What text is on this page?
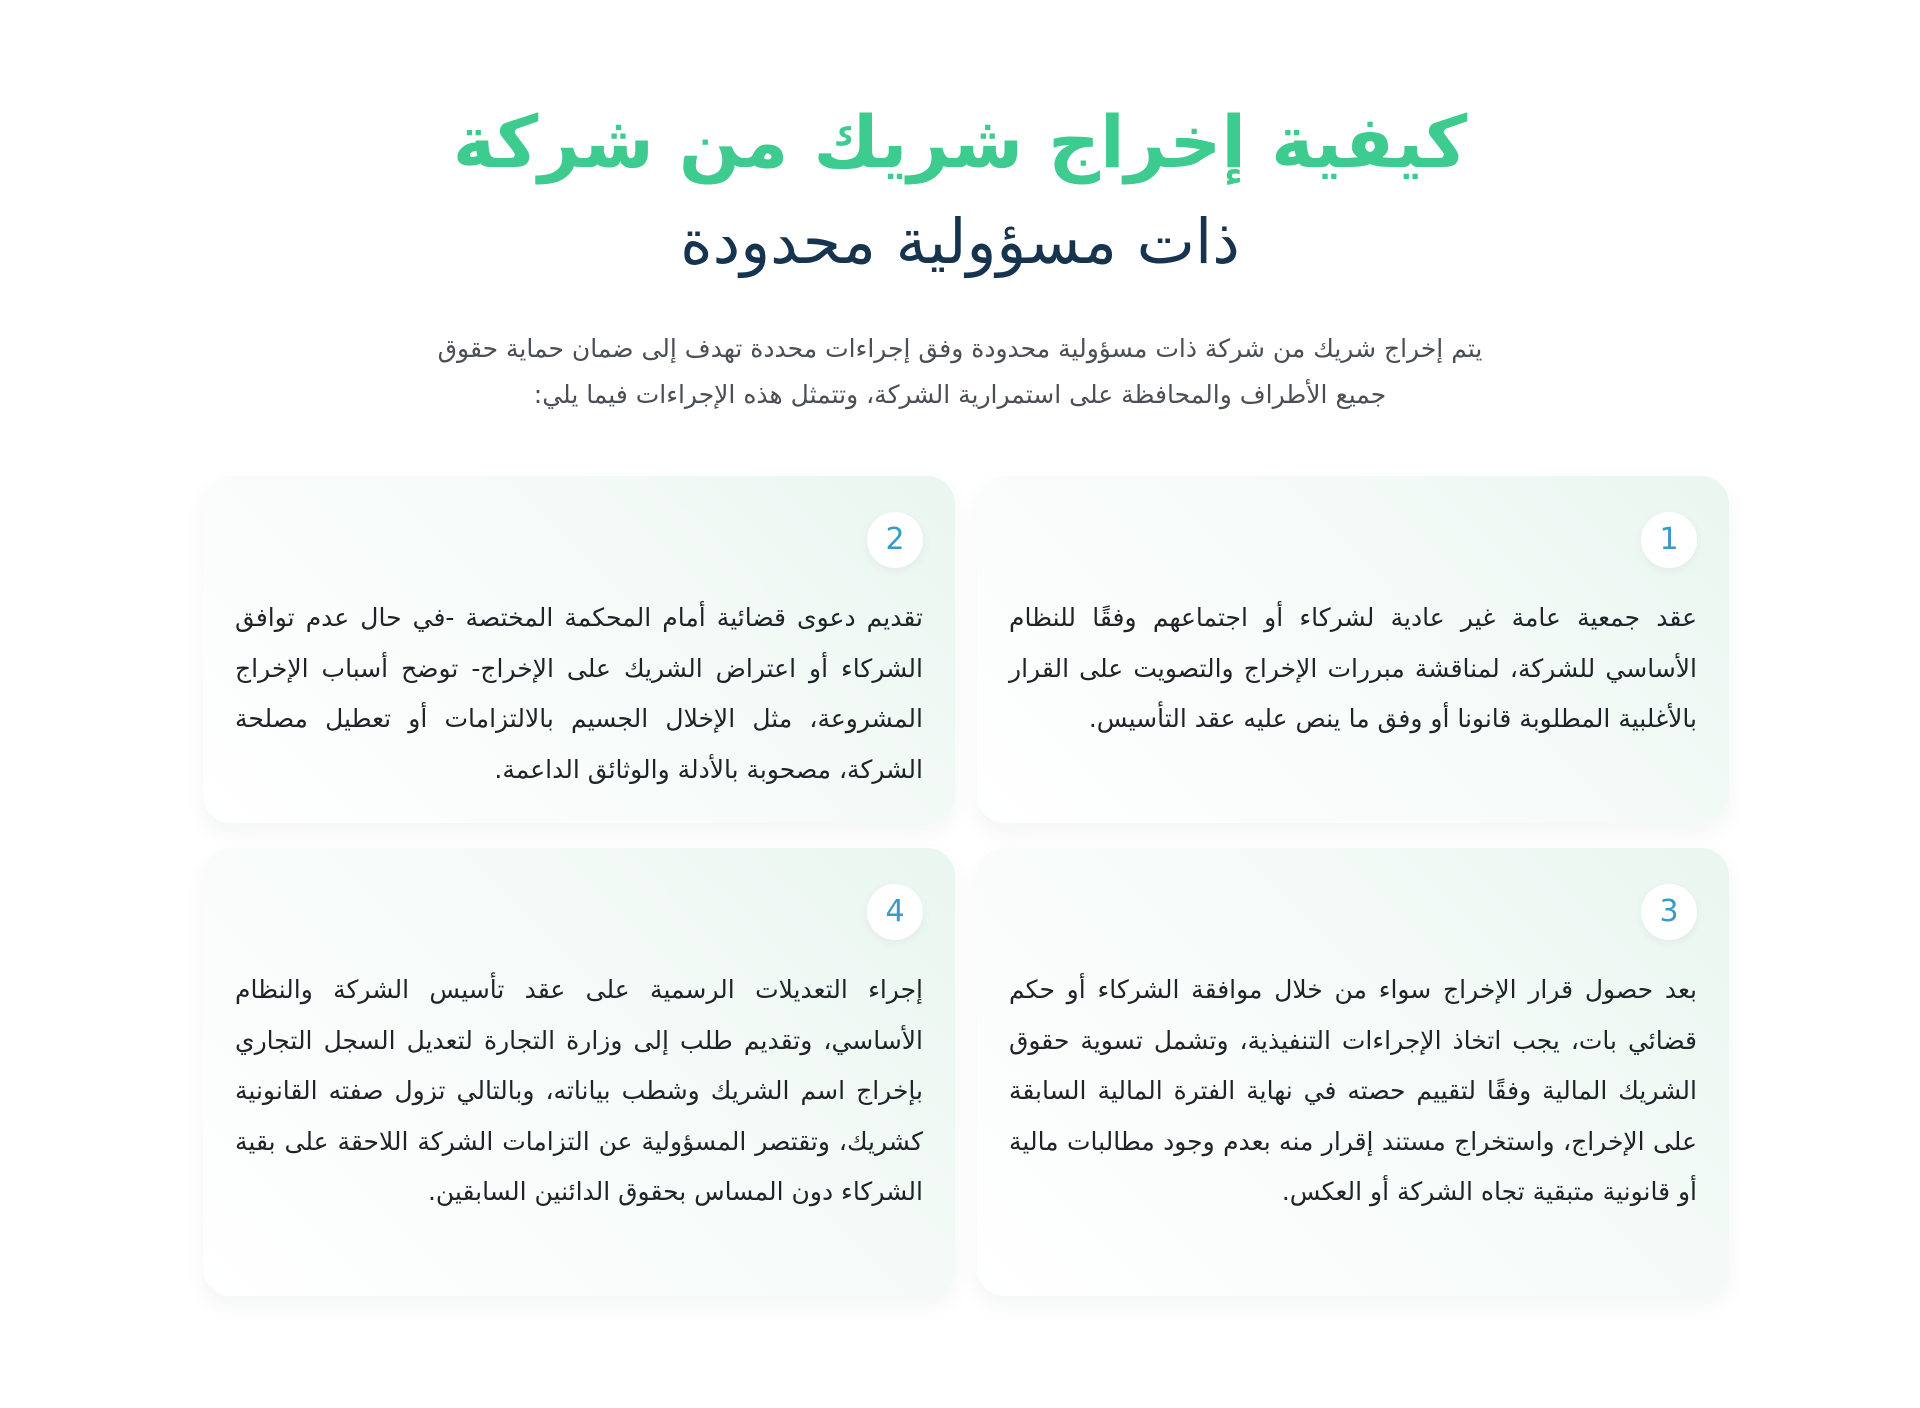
كيفية إخراج شريك من شركة
ذات مسؤولية محدودة

يتم إخراج شريك من شركة ذات مسؤولية محدودة وفق إجراءات محددة تهدف إلى ضمان حماية حقوق جميع الأطراف والمحافظة على استمرارية الشركة، وتتمثل هذه الإجراءات فيما يلي:

1

عقد جمعية عامة غير عادية لشركاء أو اجتماعهم وفقًا للنظام الأساسي للشركة، لمناقشة مبررات الإخراج والتصويت على القرار بالأغلبية المطلوبة قانونا أو وفق ما ينص عليه عقد التأسيس.

2

تقديم دعوى قضائية أمام المحكمة المختصة -في حال عدم توافق الشركاء أو اعتراض الشريك على الإخراج- توضح أسباب الإخراج المشروعة، مثل الإخلال الجسيم بالالتزامات أو تعطيل مصلحة الشركة، مصحوبة بالأدلة والوثائق الداعمة.

3

بعد حصول قرار الإخراج سواء من خلال موافقة الشركاء أو حكم قضائي بات، يجب اتخاذ الإجراءات التنفيذية، وتشمل تسوية حقوق الشريك المالية وفقًا لتقييم حصته في نهاية الفترة المالية السابقة على الإخراج، واستخراج مستند إقرار منه بعدم وجود مطالبات مالية أو قانونية متبقية تجاه الشركة أو العكس.

4

إجراء التعديلات الرسمية على عقد تأسيس الشركة والنظام الأساسي، وتقديم طلب إلى وزارة التجارة لتعديل السجل التجاري بإخراج اسم الشريك وشطب بياناته، وبالتالي تزول صفته القانونية كشريك، وتقتصر المسؤولية عن التزامات الشركة اللاحقة على بقية الشركاء دون المساس بحقوق الدائنين السابقين.
